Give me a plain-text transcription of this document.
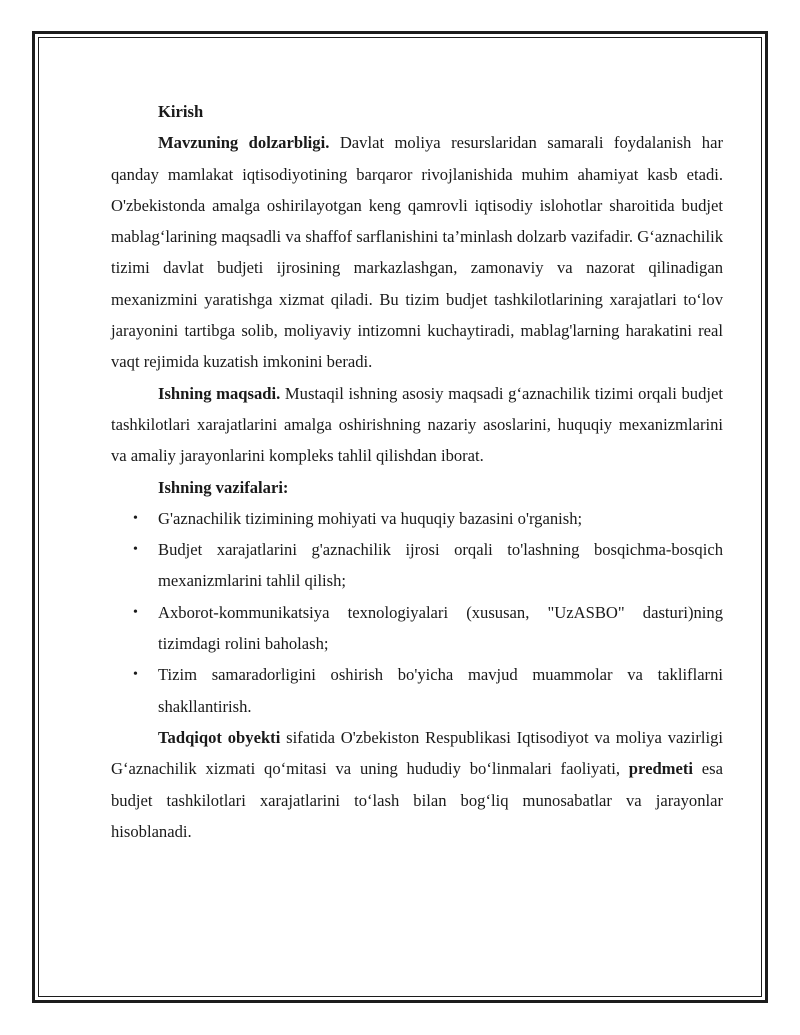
Kirish

Mavzuning dolzarbligi. Davlat moliya resurslaridan samarali foydalanish har qanday mamlakat iqtisodiyotining barqaror rivojlanishida muhim ahamiyat kasb etadi. O'zbekistonda amalga oshirilayotgan keng qamrovli iqtisodiy islohotlar sharoitida budjet mablag‘larining maqsadli va shaffof sarflanishini ta’minlash dolzarb vazifadir. G‘aznachilik tizimi davlat budjeti ijrosining markazlashgan, zamonaviy va nazorat qilinadigan mexanizmini yaratishga xizmat qiladi. Bu tizim budjet tashkilotlarining xarajatlari to‘lov jarayonini tartibga solib, moliyaviy intizomni kuchaytiradi, mablag'larning harakatini real vaqt rejimida kuzatish imkonini beradi.

Ishning maqsadi. Mustaqil ishning asosiy maqsadi g‘aznachilik tizimi orqali budjet tashkilotlari xarajatlarini amalga oshirishning nazariy asoslarini, huquqiy mexanizmlarini va amaliy jarayonlarini kompleks tahlil qilishdan iborat.

Ishning vazifalari:

• G'aznachilik tizimining mohiyati va huquqiy bazasini o'rganish;
• Budjet xarajatlarini g'aznachilik ijrosi orqali to'lashning bosqichma-bosqich mexanizmlarini tahlil qilish;
• Axborot-kommunikatsiya texnologiyalari (xususan, "UzASBO" dasturi)ning tizimdagi rolini baholash;
• Tizim samaradorligini oshirish bo'yicha mavjud muammolar va takliflarni shakllantirish.

Tadqiqot obyekti sifatida O'zbekiston Respublikasi Iqtisodiyot va moliya vazirligi G‘aznachilik xizmati qo‘mitasi va uning hududiy bo‘linmalari faoliyati, predmeti esa budjet tashkilotlari xarajatlarini to‘lash bilan bog‘liq munosabatlar va jarayonlar hisoblanadi.
